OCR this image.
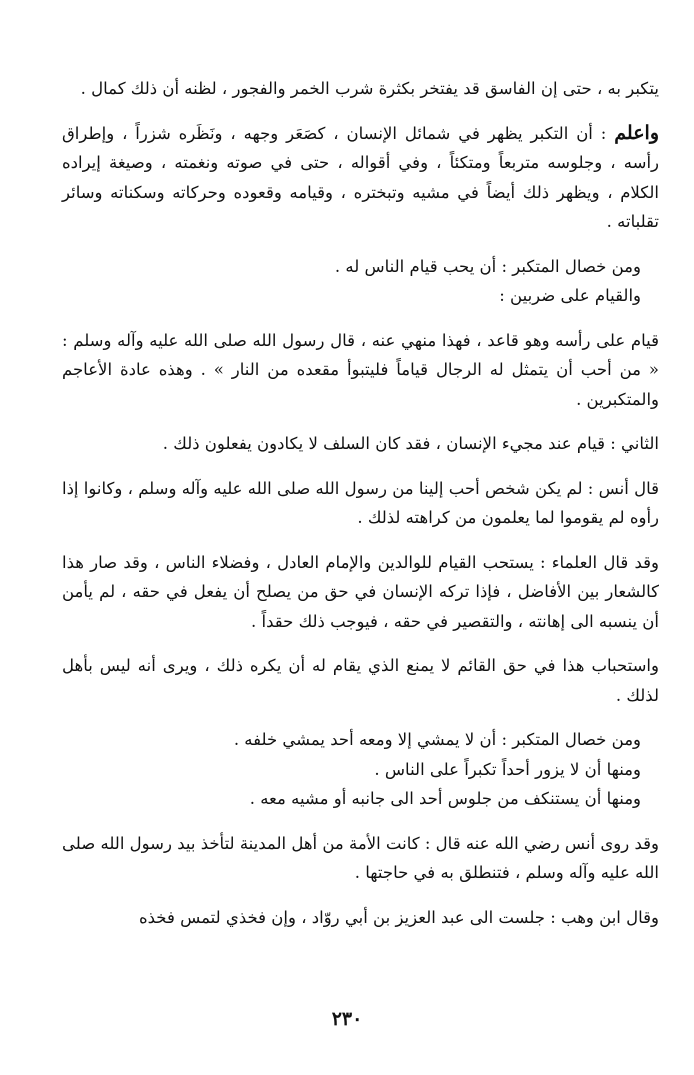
يتكبر به ، حتى إن الفاسق قد يفتخر بكثرة شرب الخمر والفجور ، لظنه أن ذلك كمال .

واعلم : أن التكبر يظهر في شمائل الإنسان ، كصَعَر وجهه ، ونَظَره شزراً ، وإطراق رأسه ، وجلوسه متربعاً ومتكئاً ، وفي أقواله ، حتى في صوته ونغمته ، وصيغة إيراده الكلام ، ويظهر ذلك أيضاً في مشيه وتبختره ، وقيامه وقعوده وحركاته وسكناته وسائر تقلباته .

ومن خصال المتكبر : أن يحب قيام الناس له .
والقيام على ضربين :

قيام على رأسه وهو قاعد ، فهذا منهي عنه ، قال رسول الله صلى الله عليه وآله وسلم : « من أحب أن يتمثل له الرجال قياماً فليتبوأ مقعده من النار » . وهذه عادة الأعاجم والمتكبرين .

الثاني : قيام عند مجيء الإنسان ، فقد كان السلف لا يكادون يفعلون ذلك .

قال أنس : لم يكن شخص أحب إلينا من رسول الله صلى الله عليه وآله وسلم ، وكانوا إذا رأوه لم يقوموا لما يعلمون من كراهته لذلك .

وقد قال العلماء : يستحب القيام للوالدين والإمام العادل ، وفضلاء الناس ، وقد صار هذا كالشعار بين الأفاضل ، فإذا تركه الإنسان في حق من يصلح أن يفعل في حقه ، لم يأمن أن ينسبه الى إهانته ، والتقصير في حقه ، فيوجب ذلك حقداً .

واستحباب هذا في حق القائم لا يمنع الذي يقام له أن يكره ذلك ، ويرى أنه ليس بأهل لذلك .

ومن خصال المتكبر : أن لا يمشي إلا ومعه أحد يمشي خلفه .
ومنها أن لا يزور أحداً تكبراً على الناس .
ومنها أن يستنكف من جلوس أحد الى جانبه أو مشيه معه .

وقد روى أنس رضي الله عنه قال : كانت الأمة من أهل المدينة لتأخذ بيد رسول الله صلى الله عليه وآله وسلم ، فتنطلق به في حاجتها .

وقال ابن وهب : جلست الى عبد العزيز بن أبي روّاد ، وإن فخذي لتمس فخذه

٢٣٠
